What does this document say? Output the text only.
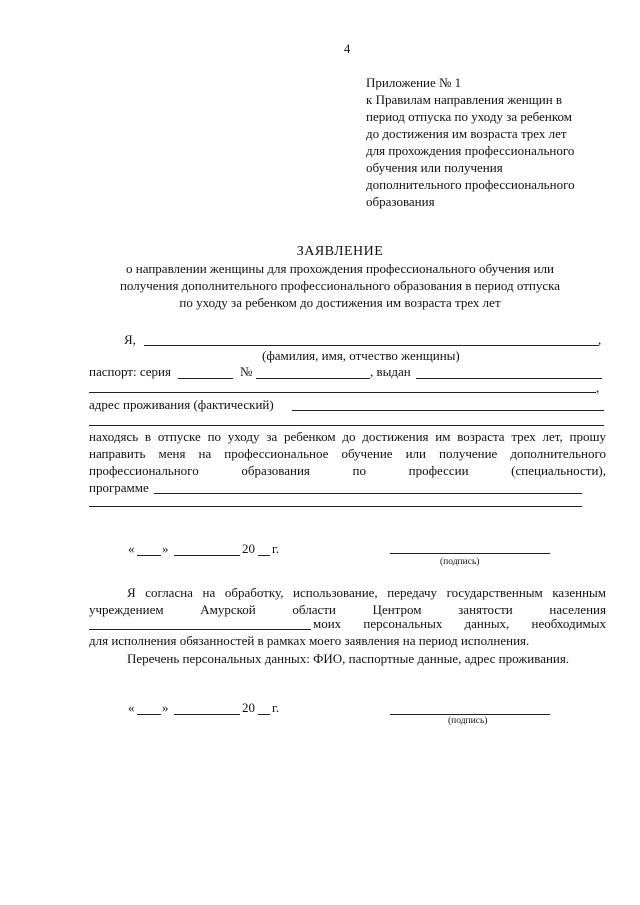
4
Приложение № 1
к Правилам направления женщин в
период отпуска по уходу за ребенком
до достижения им возраста трех лет
для прохождения профессионального
обучения или получения
дополнительного профессионального
образования
ЗАЯВЛЕНИЕ
о направлении женщины для прохождения профессионального обучения или
получения дополнительного профессионального образования в период отпуска
по уходу за ребенком до достижения им возраста трех лет
Я,	,
(фамилия, имя, отчество женщины)
паспорт: серия	№	, выдан
,
адрес проживания (фактический)
находясь в отпуске по уходу за ребенком до достижения им возраста трех лет, прошу
направить меня на профессиональное обучение или получение дополнительного
профессионального образования по профессии (специальности),
программе
« »	20 г.
(подпись)
Я согласна на обработку, использование, передачу государственным казенным
учреждением Амурской области Центром занятости населения
моих персональных данных, необходимых
для исполнения обязанностей в рамках моего заявления на период исполнения.
Перечень персональных данных: ФИО, паспортные данные, адрес проживания.
« »	20 г.
(подпись)
